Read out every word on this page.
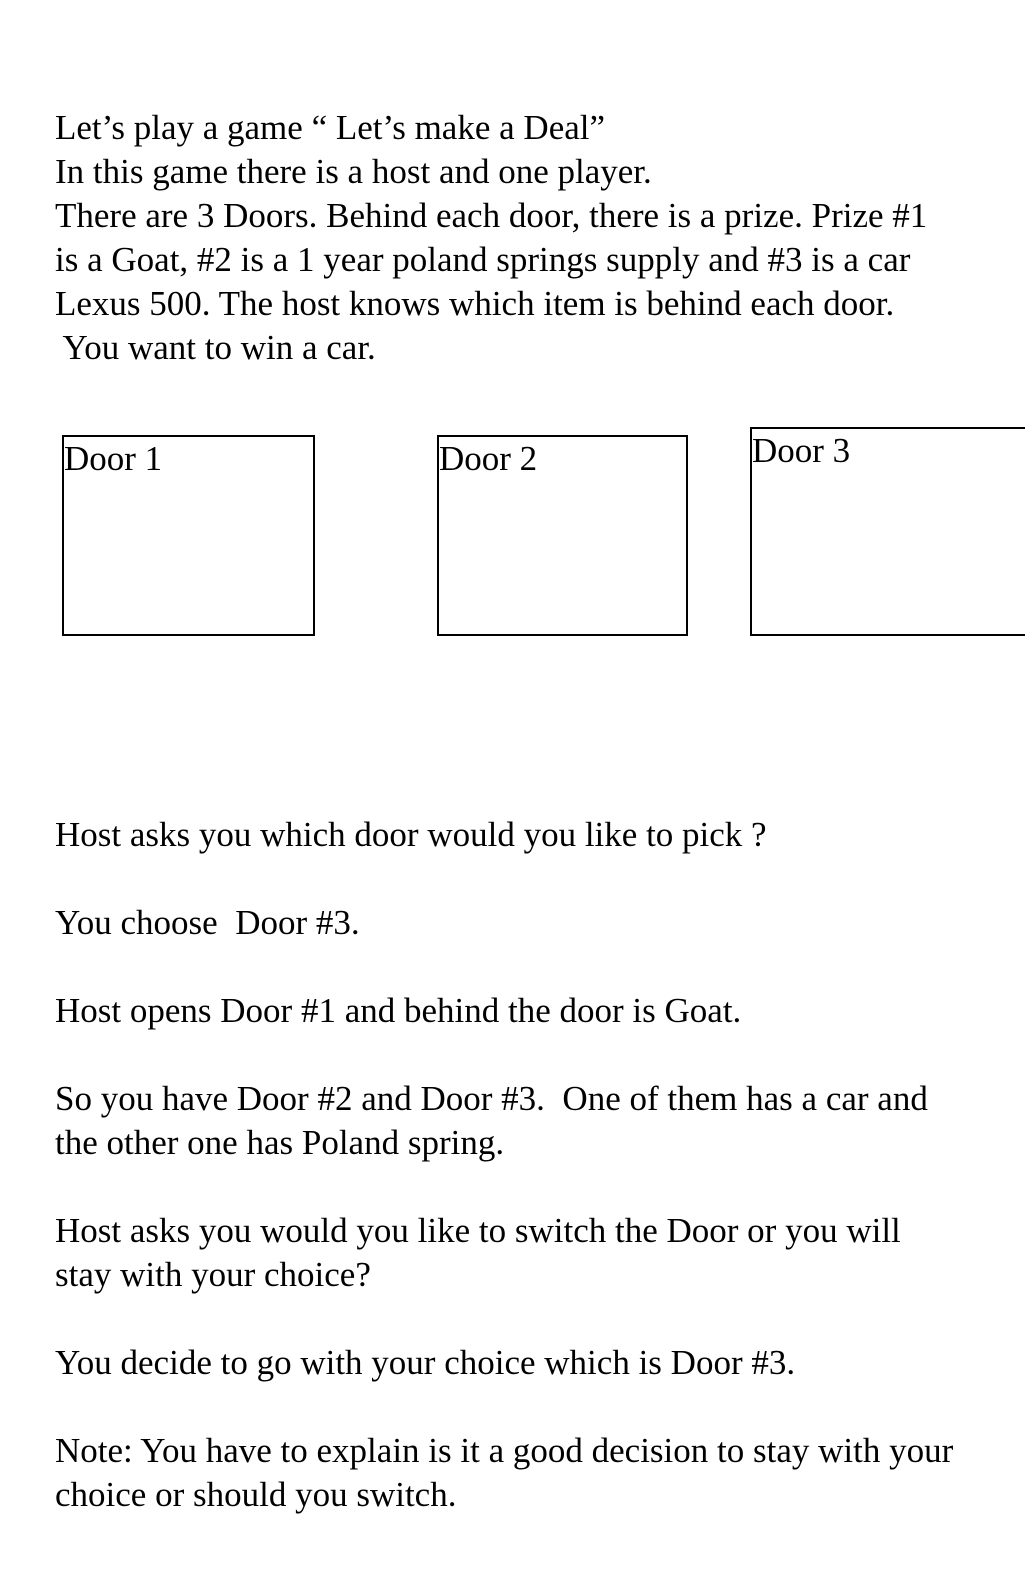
Let’s play a game “ Let’s make a Deal”
In this game there is a host and one player.
There are 3 Doors. Behind each door, there is a prize. Prize #1
is a Goat, #2 is a 1 year poland springs supply and #3 is a car
Lexus 500. The host knows which item is behind each door.
You want to win a car.
Door 1	Door 2	Door 3
Host asks you which door would you like to pick ?
You choose  Door #3.
Host opens Door #1 and behind the door is Goat.
So you have Door #2 and Door #3.  One of them has a car and
the other one has Poland spring.
Host asks you would you like to switch the Door or you will
stay with your choice?
You decide to go with your choice which is Door #3.
Note: You have to explain is it a good decision to stay with your
choice or should you switch.
